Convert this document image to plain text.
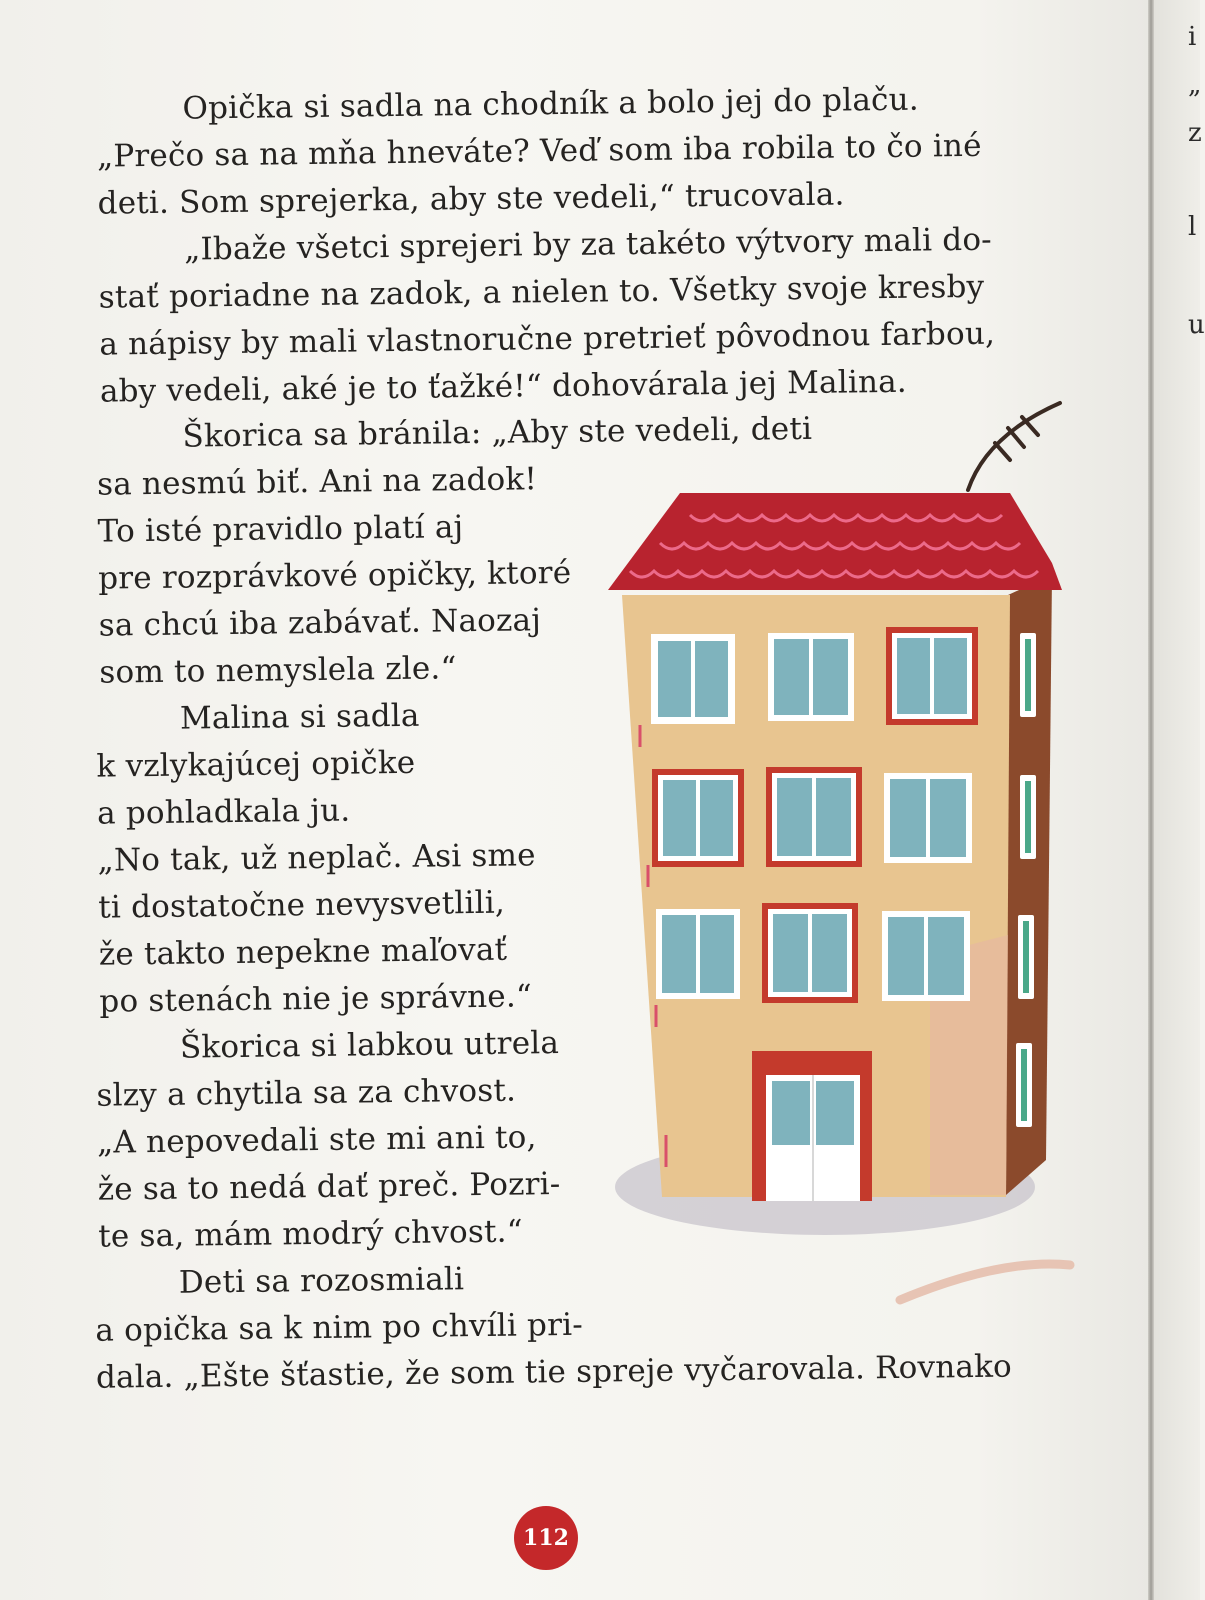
i
„
z
l
u
Opička si sadla na chodník a bolo jej do plaču.
„Prečo sa na mňa hneváte? Veď som iba robila to čo iné
deti. Som sprejerka, aby ste vedeli,“ trucovala.
„Ibaže všetci sprejeri by za takéto výtvory mali do-
stať poriadne na zadok, a nielen to. Všetky svoje kresby
a nápisy by mali vlastnoručne pretrieť pôvodnou farbou,
aby vedeli, aké je to ťažké!“ dohovárala jej Malina.
Škorica sa bránila: „Aby ste vedeli, deti
sa nesmú biť. Ani na zadok!
To isté pravidlo platí aj
pre rozprávkové opičky, ktoré
sa chcú iba zabávať. Naozaj
som to nemyslela zle.“
Malina si sadla
k vzlykajúcej opičke
a pohladkala ju.
„No tak, už neplač. Asi sme
ti dostatočne nevysvetlili,
že takto nepekne maľovať
po stenách nie je správne.“
Škorica si labkou utrela
slzy a chytila sa za chvost.
„A nepovedali ste mi ani to,
že sa to nedá dať preč. Pozri-
te sa, mám modrý chvost.“
Deti sa rozosmiali
a opička sa k nim po chvíli pri-
dala. „Ešte šťastie, že som tie spreje vyčarovala. Rovnako
112
